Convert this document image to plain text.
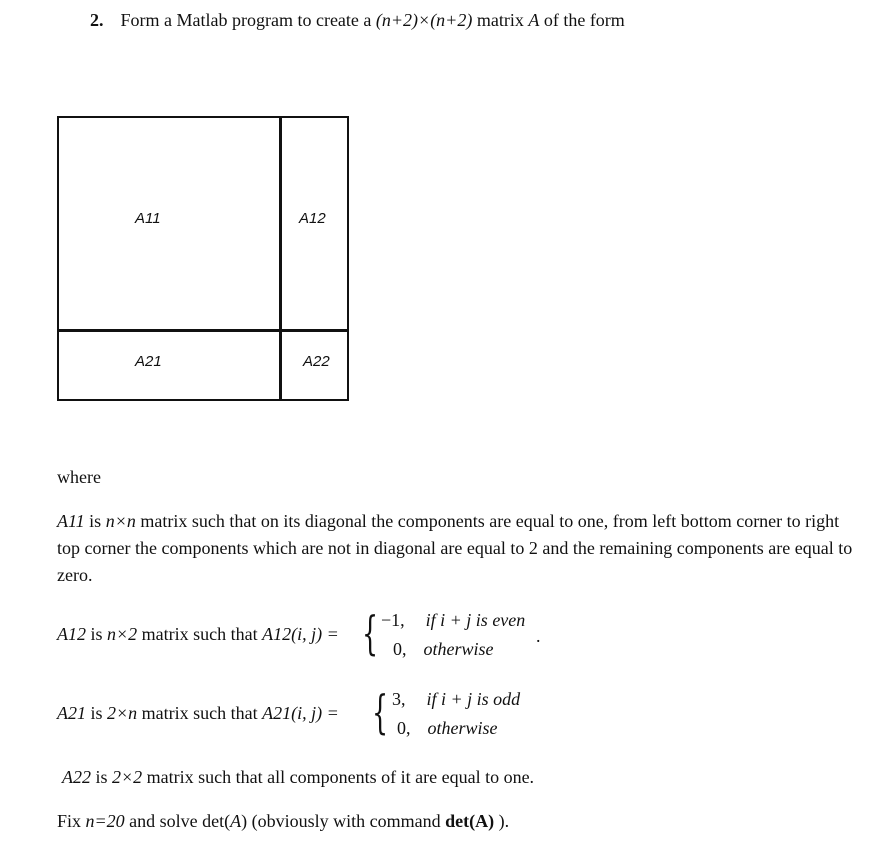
2. Form a Matlab program to create a (n+2)×(n+2) matrix A of the form
A11	A12
A21	A22
where
A11 is n×n matrix such that on its diagonal the components are equal to one, from left bottom corner to right top corner the components which are not in diagonal are equal to 2 and the remaining components are equal to zero.
A12 is n×2 matrix such that A12(i, j) = { −1, if i + j is even
0, otherwise
.
A21 is 2×n matrix such that A21(i, j) = { 3, if i + j is odd
0, otherwise
A22 is 2×2 matrix such that all components of it are equal to one.
Fix n=20 and solve det(A) (obviously with command det(A) ).
